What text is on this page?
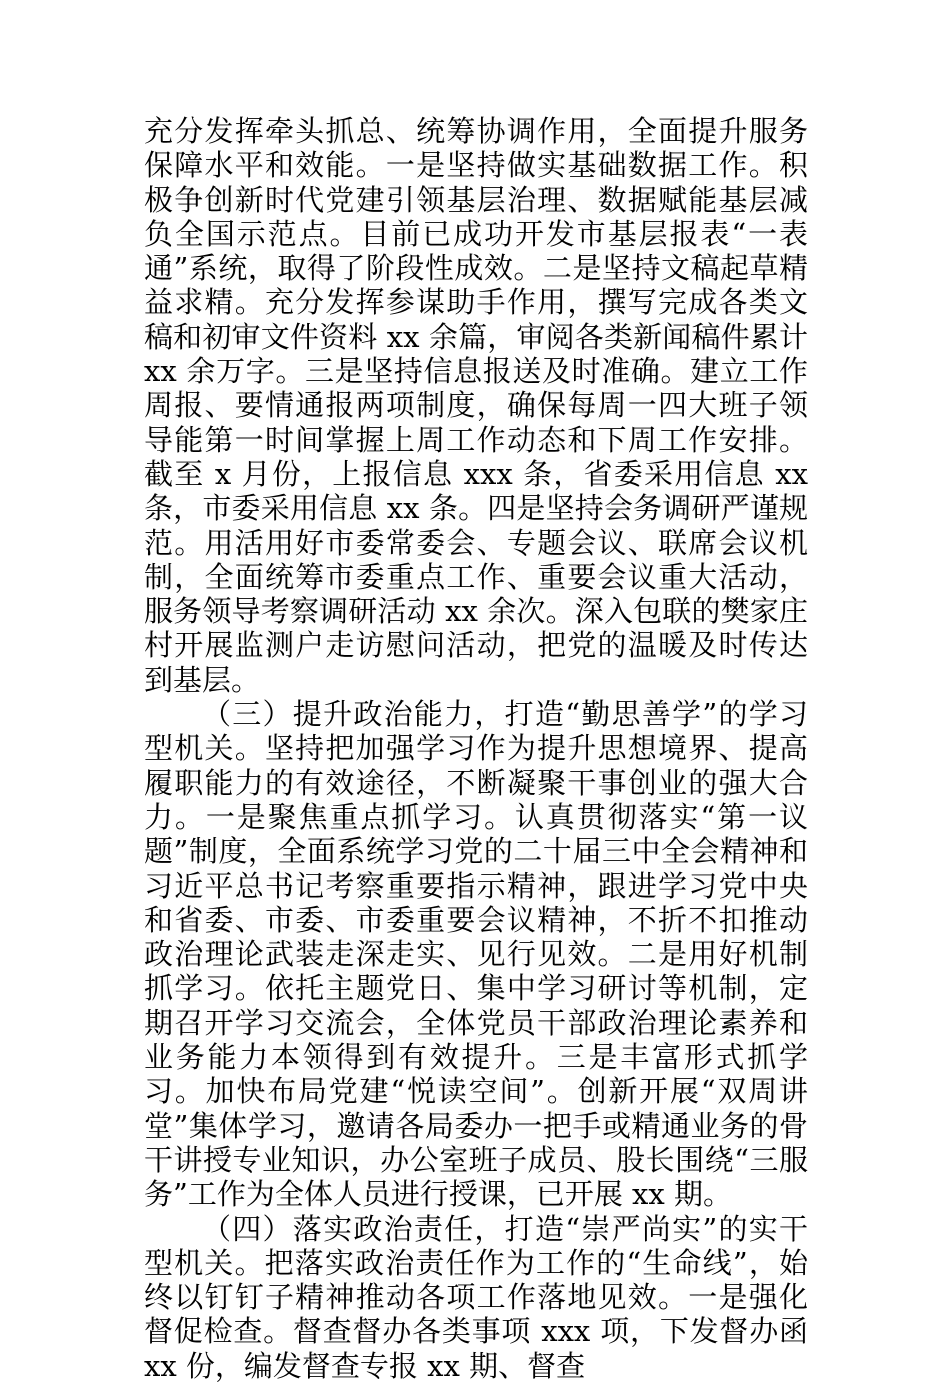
充分发挥牵头抓总、统筹协调作用，全面提升服务保障水平和效能。一是坚持做实基础数据工作。积极争创新时代党建引领基层治理、数据赋能基层减负全国示范点。目前已成功开发市基层报表“一表通”系统，取得了阶段性成效。二是坚持文稿起草精益求精。充分发挥参谋助手作用，撰写完成各类文稿和初审文件资料 xx 余篇，审阅各类新闻稿件累计 xx 余万字。三是坚持信息报送及时准确。建立工作周报、要情通报两项制度，确保每周一四大班子领导能第一时间掌握上周工作动态和下周工作安排。截至 x 月份，上报信息 xxx 条，省委采用信息 xx 条，市委采用信息 xx 条。四是坚持会务调研严谨规范。用活用好市委常委会、专题会议、联席会议机制，全面统筹市委重点工作、重要会议重大活动，服务领导考察调研活动 xx 余次。深入包联的樊家庄村开展监测户走访慰问活动，把党的温暖及时传达到基层。

（三）提升政治能力，打造“勤思善学”的学习型机关。坚持把加强学习作为提升思想境界、提高履职能力的有效途径，不断凝聚干事创业的强大合力。一是聚焦重点抓学习。认真贯彻落实“第一议题”制度，全面系统学习党的二十届三中全会精神和习近平总书记考察重要指示精神，跟进学习党中央和省委、市委、市委重要会议精神，不折不扣推动政治理论武装走深走实、见行见效。二是用好机制抓学习。依托主题党日、集中学习研讨等机制，定期召开学习交流会，全体党员干部政治理论素养和业务能力本领得到有效提升。三是丰富形式抓学习。加快布局党建“悦读空间”。创新开展“双周讲堂”集体学习，邀请各局委办一把手或精通业务的骨干讲授专业知识，办公室班子成员、股长围绕“三服务”工作为全体人员进行授课，已开展 xx 期。

（四）落实政治责任，打造“崇严尚实”的实干型机关。把落实政治责任作为工作的“生命线”，始终以钉钉子精神推动各项工作落地见效。一是强化督促检查。督查督办各类事项 xxx 项，下发督办函 xx 份，编发督查专报 xx 期、督查
